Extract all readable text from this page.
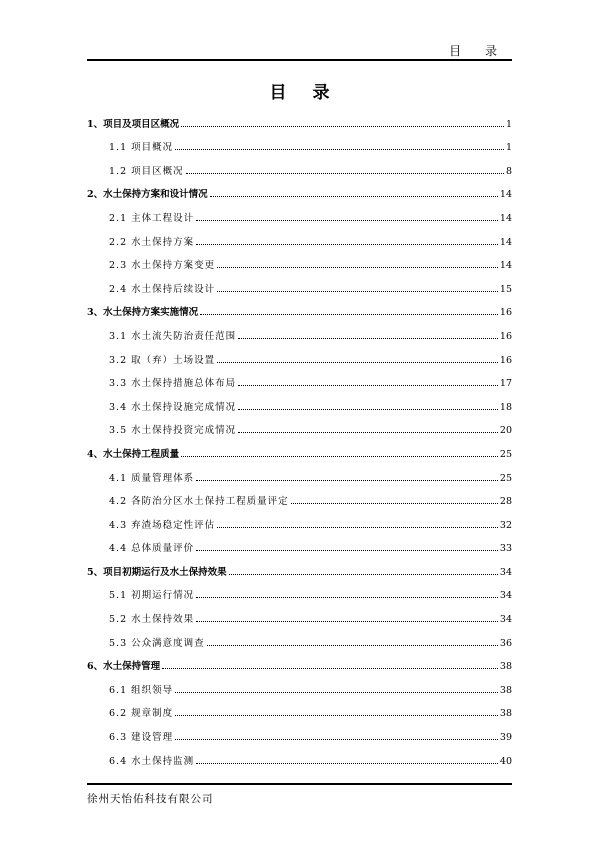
目 录
目 录
1、项目及项目区概况	1
1.1 项目概况	1
1.2 项目区概况	8
2、水土保持方案和设计情况	14
2.1 主体工程设计	14
2.2 水土保持方案	14
2.3 水土保持方案变更	14
2.4 水土保持后续设计	15
3、水土保持方案实施情况	16
3.1 水土流失防治责任范围	16
3.2 取（弃）土场设置	16
3.3 水土保持措施总体布局	17
3.4 水土保持设施完成情况	18
3.5 水土保持投资完成情况	20
4、水土保持工程质量	25
4.1 质量管理体系	25
4.2 各防治分区水土保持工程质量评定	28
4.3 弃渣场稳定性评估	32
4.4 总体质量评价	33
5、项目初期运行及水土保持效果	34
5.1 初期运行情况	34
5.2 水土保持效果	34
5.3 公众满意度调查	36
6、水土保持管理	38
6.1 组织领导	38
6.2 规章制度	38
6.3 建设管理	39
6.4 水土保持监测	40
徐州天怡佑科技有限公司
